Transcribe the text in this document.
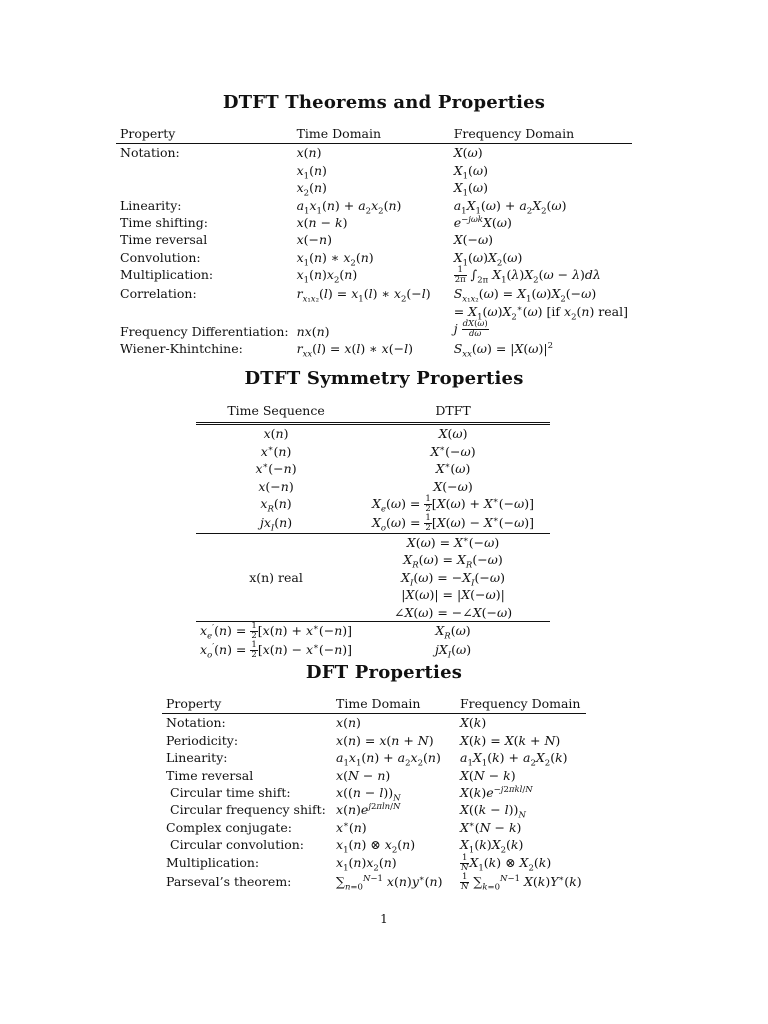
DTFT Theorems and Properties
Property	Time Domain	Frequency Domain
Notation:	x(n)	X(ω)
	$x_1(n)$	$X_1(\omega)$
	$x_2(n)$	$X_1(\omega)$
Linearity:	$a_1x_1(n) + a_2x_2(n)$	$a_1X_1(\omega) + a_2X_2(\omega)$
Time shifting:	x(n − k)	$e^{-j\omega k}X(\omega)$
Time reversal	x(−n)	X(−ω)
Convolution:	$x_1(n)$ ∗ $x_2(n)$	$X_1(\omega)X_2(\omega)$
Multiplication:	$x_1(n)x_2(n)$	$\frac{1}{2\pi} \int_{2\pi}$ $X_1(\lambda)X_2(\omega - \lambda)d\lambda$
Correlation:	$r_{x_1x_2}(l) = x_1(l)$ ∗ $x_2(-l)$	$S_{x_1x_2}(\omega) = X_1(\omega)X_2(-\omega)$
		= $X_1(\omega)X_2^∗(\omega)$ [if $x_2(n)$ real]
Frequency Differentiation:	nx(n)	j $\frac{dX(\omega)}{d\omega}$

Wiener-Khintchine:	$r_{xx}(l) = x(l)$ ∗ x(−l)	$S_{xx}(\omega) = |X(\omega)|^2$
DTFT Symmetry Properties
Time Sequence	DTFT
x(n)	X(ω)
x∗(n)	X∗(−ω)
x∗(−n)	X∗(ω)
x(−n)	X(−ω)
$x_R(n)$	$X_e(\omega) = \frac{1}{2} [X(\omega) + X^∗(-\omega)]$
$jx_I(n)$	$X_o(\omega) = \frac{1}{2} [X(\omega) - X^∗(-\omega)]$
x(n) real	X(ω) = X∗(−ω)
	$X_R(\omega) = X_R(-\omega)$
	$X_I(\omega) = -X_I(-\omega)$
	|X(ω)| = |X(−ω)|
	∠X(ω) = −∠X(−ω)
$x_e'(n) = \frac{1}{2} [x(n) + x^∗(-n)]$	$X_R(\omega)$
$x_o'(n) = \frac{1}{2} [x(n) - x^∗(-n)]$	$jX_I(\omega)$
DFT Properties
Property	Time Domain	Frequency Domain
Notation:	x(n)	X(k)
Periodicity:	x(n) = x(n + N)	X(k) = X(k + N)
Linearity:	$a_1x_1(n) + a_2x_2(n)$	$a_1X_1(k) + a_2X_2(k)$
Time reversal	x(N − n)	X(N − k)
Circular time shift:	$x((n - l))_N$	$X(k)e^{-j2\pi kl/N}$
Circular frequency shift:	$x(n)e^{j2\pi ln/N}$	$X((k - l))_N$
Complex conjugate:	x∗(n)	X∗(N − k)
Circular convolution:	$x_1(n)$ ⊗ $x_2(n)$	$X_1(k)X_2(k)$
Multiplication:	$x_1(n)x_2(n)$	$\frac{1}{N} X_1(k)$ ⊗ $X_2(k)$
Parseval’s theorem:	$\sum_{n=0}^{N-1}$ x(n)y∗(n)	$\frac{1}{N} \sum_{k=0}^{N-1}$ X(k)Y∗(k)
1
